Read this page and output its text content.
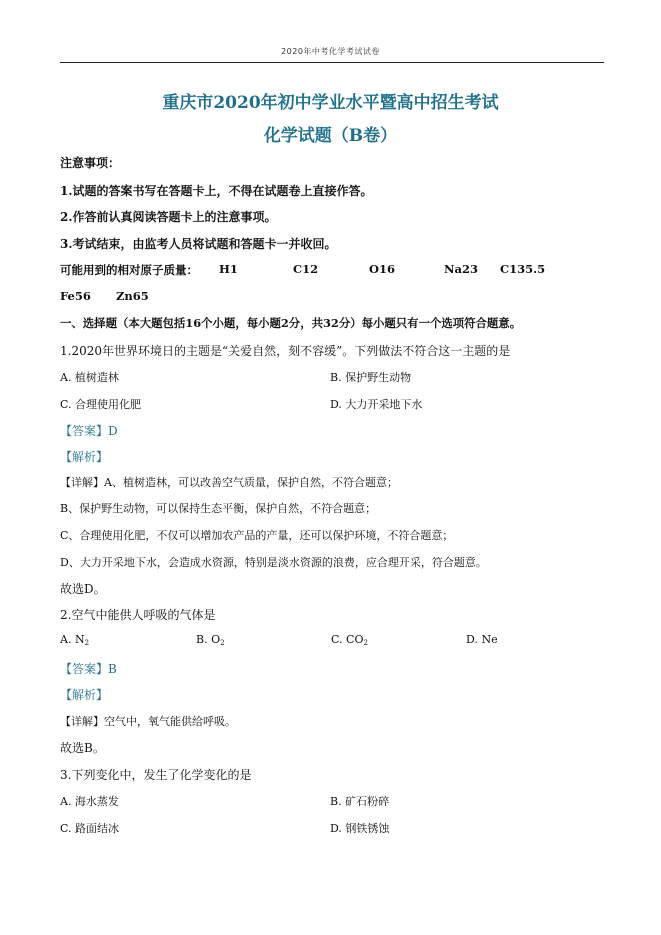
2020年中考化学考试试卷
重庆市2020年初中学业水平暨高中招生考试
化学试题（B卷）
注意事项：
1.试题的答案书写在答题卡上，不得在试题卷上直接作答。
2.作答前认真阅读答题卡上的注意事项。
3.考试结束，由监考人员将试题和答题卡一并收回。
可能用到的相对原子质量： H1	C12	O16	Na23 C135.5
Fe56 Zn65
一、选择题（本大题包括16个小题，每小题2分，共32分）每小题只有一个选项符合题意。
1.2020年世界环境日的主题是“关爱自然，刻不容缓”。下列做法不符合这一主题的是
A. 植树造林	B. 保护野生动物
C. 合理使用化肥	D. 大力开采地下水
【答案】D
【解析】
【详解】A、植树造林，可以改善空气质量，保护自然，不符合题意；
B、保护野生动物，可以保持生态平衡，保护自然，不符合题意；
C、合理使用化肥，不仅可以增加农产品的产量，还可以保护环境，不符合题意；
D、大力开采地下水，会造成水资源，特别是淡水资源的浪费，应合理开采，符合题意。
故选D。
2.空气中能供人呼吸的气体是
A. $N_2$	B. $O_2$	C. $CO_2$	D. Ne
【答案】B
【解析】
【详解】空气中，氧气能供给呼吸。
故选B。
3.下列变化中，发生了化学变化的是
A. 海水蒸发	B. 矿石粉碎
C. 路面结冰	D. 钢铁锈蚀
